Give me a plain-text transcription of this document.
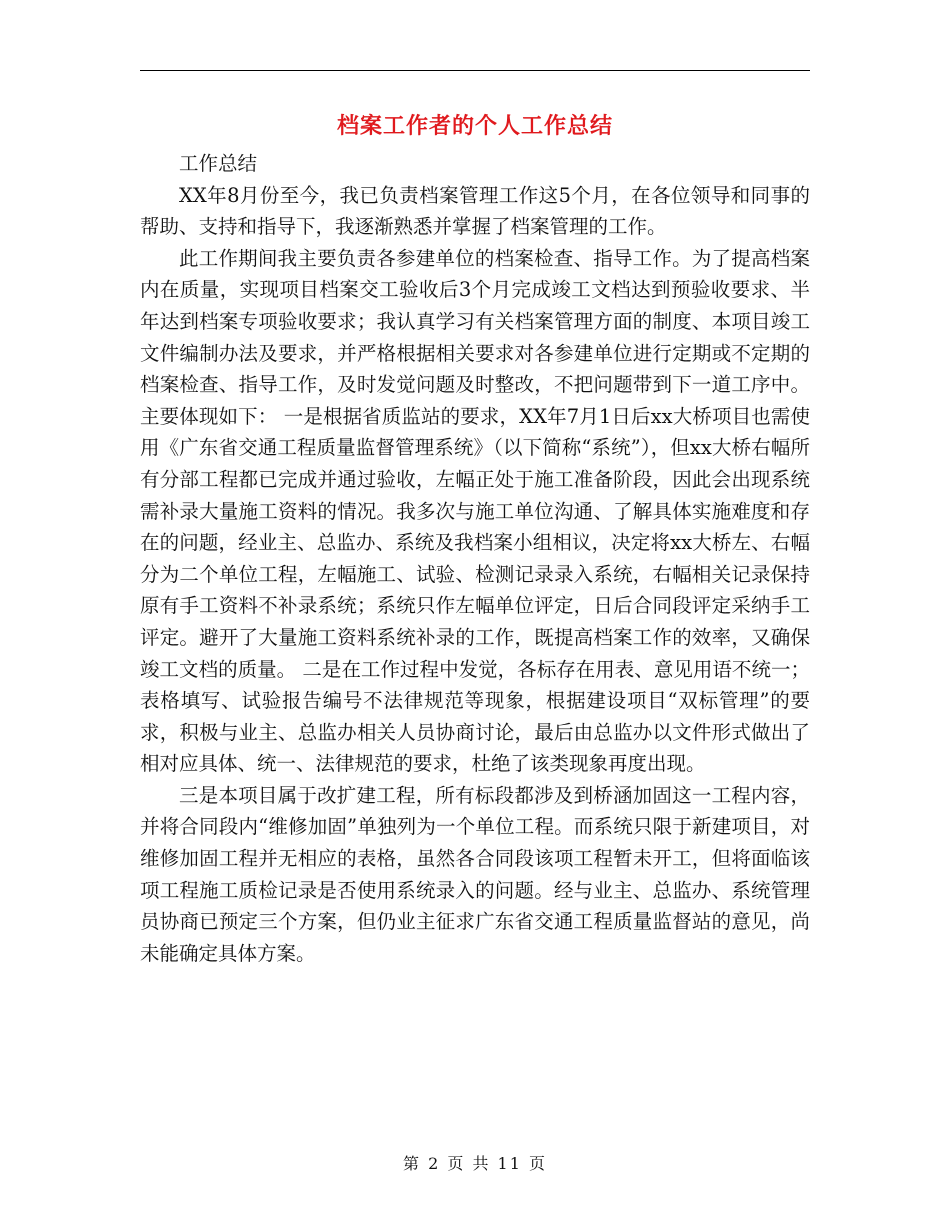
档案工作者的个人工作总结

工作总结

XX年8月份至今，我已负责档案管理工作这5个月，在各位领导和同事的帮助、支持和指导下，我逐渐熟悉并掌握了档案管理的工作。

此工作期间我主要负责各参建单位的档案检查、指导工作。为了提高档案内在质量，实现项目档案交工验收后3个月完成竣工文档达到预验收要求、半年达到档案专项验收要求；我认真学习有关档案管理方面的制度、本项目竣工文件编制办法及要求，并严格根据相关要求对各参建单位进行定期或不定期的档案检查、指导工作，及时发觉问题及时整改，不把问题带到下一道工序中。主要体现如下： 一是根据省质监站的要求，XX年7月1日后xx大桥项目也需使用《广东省交通工程质量监督管理系统》（以下简称“系统”），但xx大桥右幅所有分部工程都已完成并通过验收，左幅正处于施工准备阶段，因此会出现系统需补录大量施工资料的情况。我多次与施工单位沟通、了解具体实施难度和存在的问题，经业主、总监办、系统及我档案小组相议，决定将xx大桥左、右幅分为二个单位工程，左幅施工、试验、检测记录录入系统，右幅相关记录保持原有手工资料不补录系统；系统只作左幅单位评定，日后合同段评定采纳手工评定。避开了大量施工资料系统补录的工作，既提高档案工作的效率，又确保竣工文档的质量。 二是在工作过程中发觉，各标存在用表、意见用语不统一；表格填写、试验报告编号不法律规范等现象，根据建设项目“双标管理”的要求，积极与业主、总监办相关人员协商讨论，最后由总监办以文件形式做出了相对应具体、统一、法律规范的要求，杜绝了该类现象再度出现。

三是本项目属于改扩建工程，所有标段都涉及到桥涵加固这一工程内容，并将合同段内“维修加固”单独列为一个单位工程。而系统只限于新建项目，对维修加固工程并无相应的表格，虽然各合同段该项工程暂未开工，但将面临该项工程施工质检记录是否使用系统录入的问题。经与业主、总监办、系统管理员协商已预定三个方案，但仍业主征求广东省交通工程质量监督站的意见，尚未能确定具体方案。

第 2 页 共 11 页
